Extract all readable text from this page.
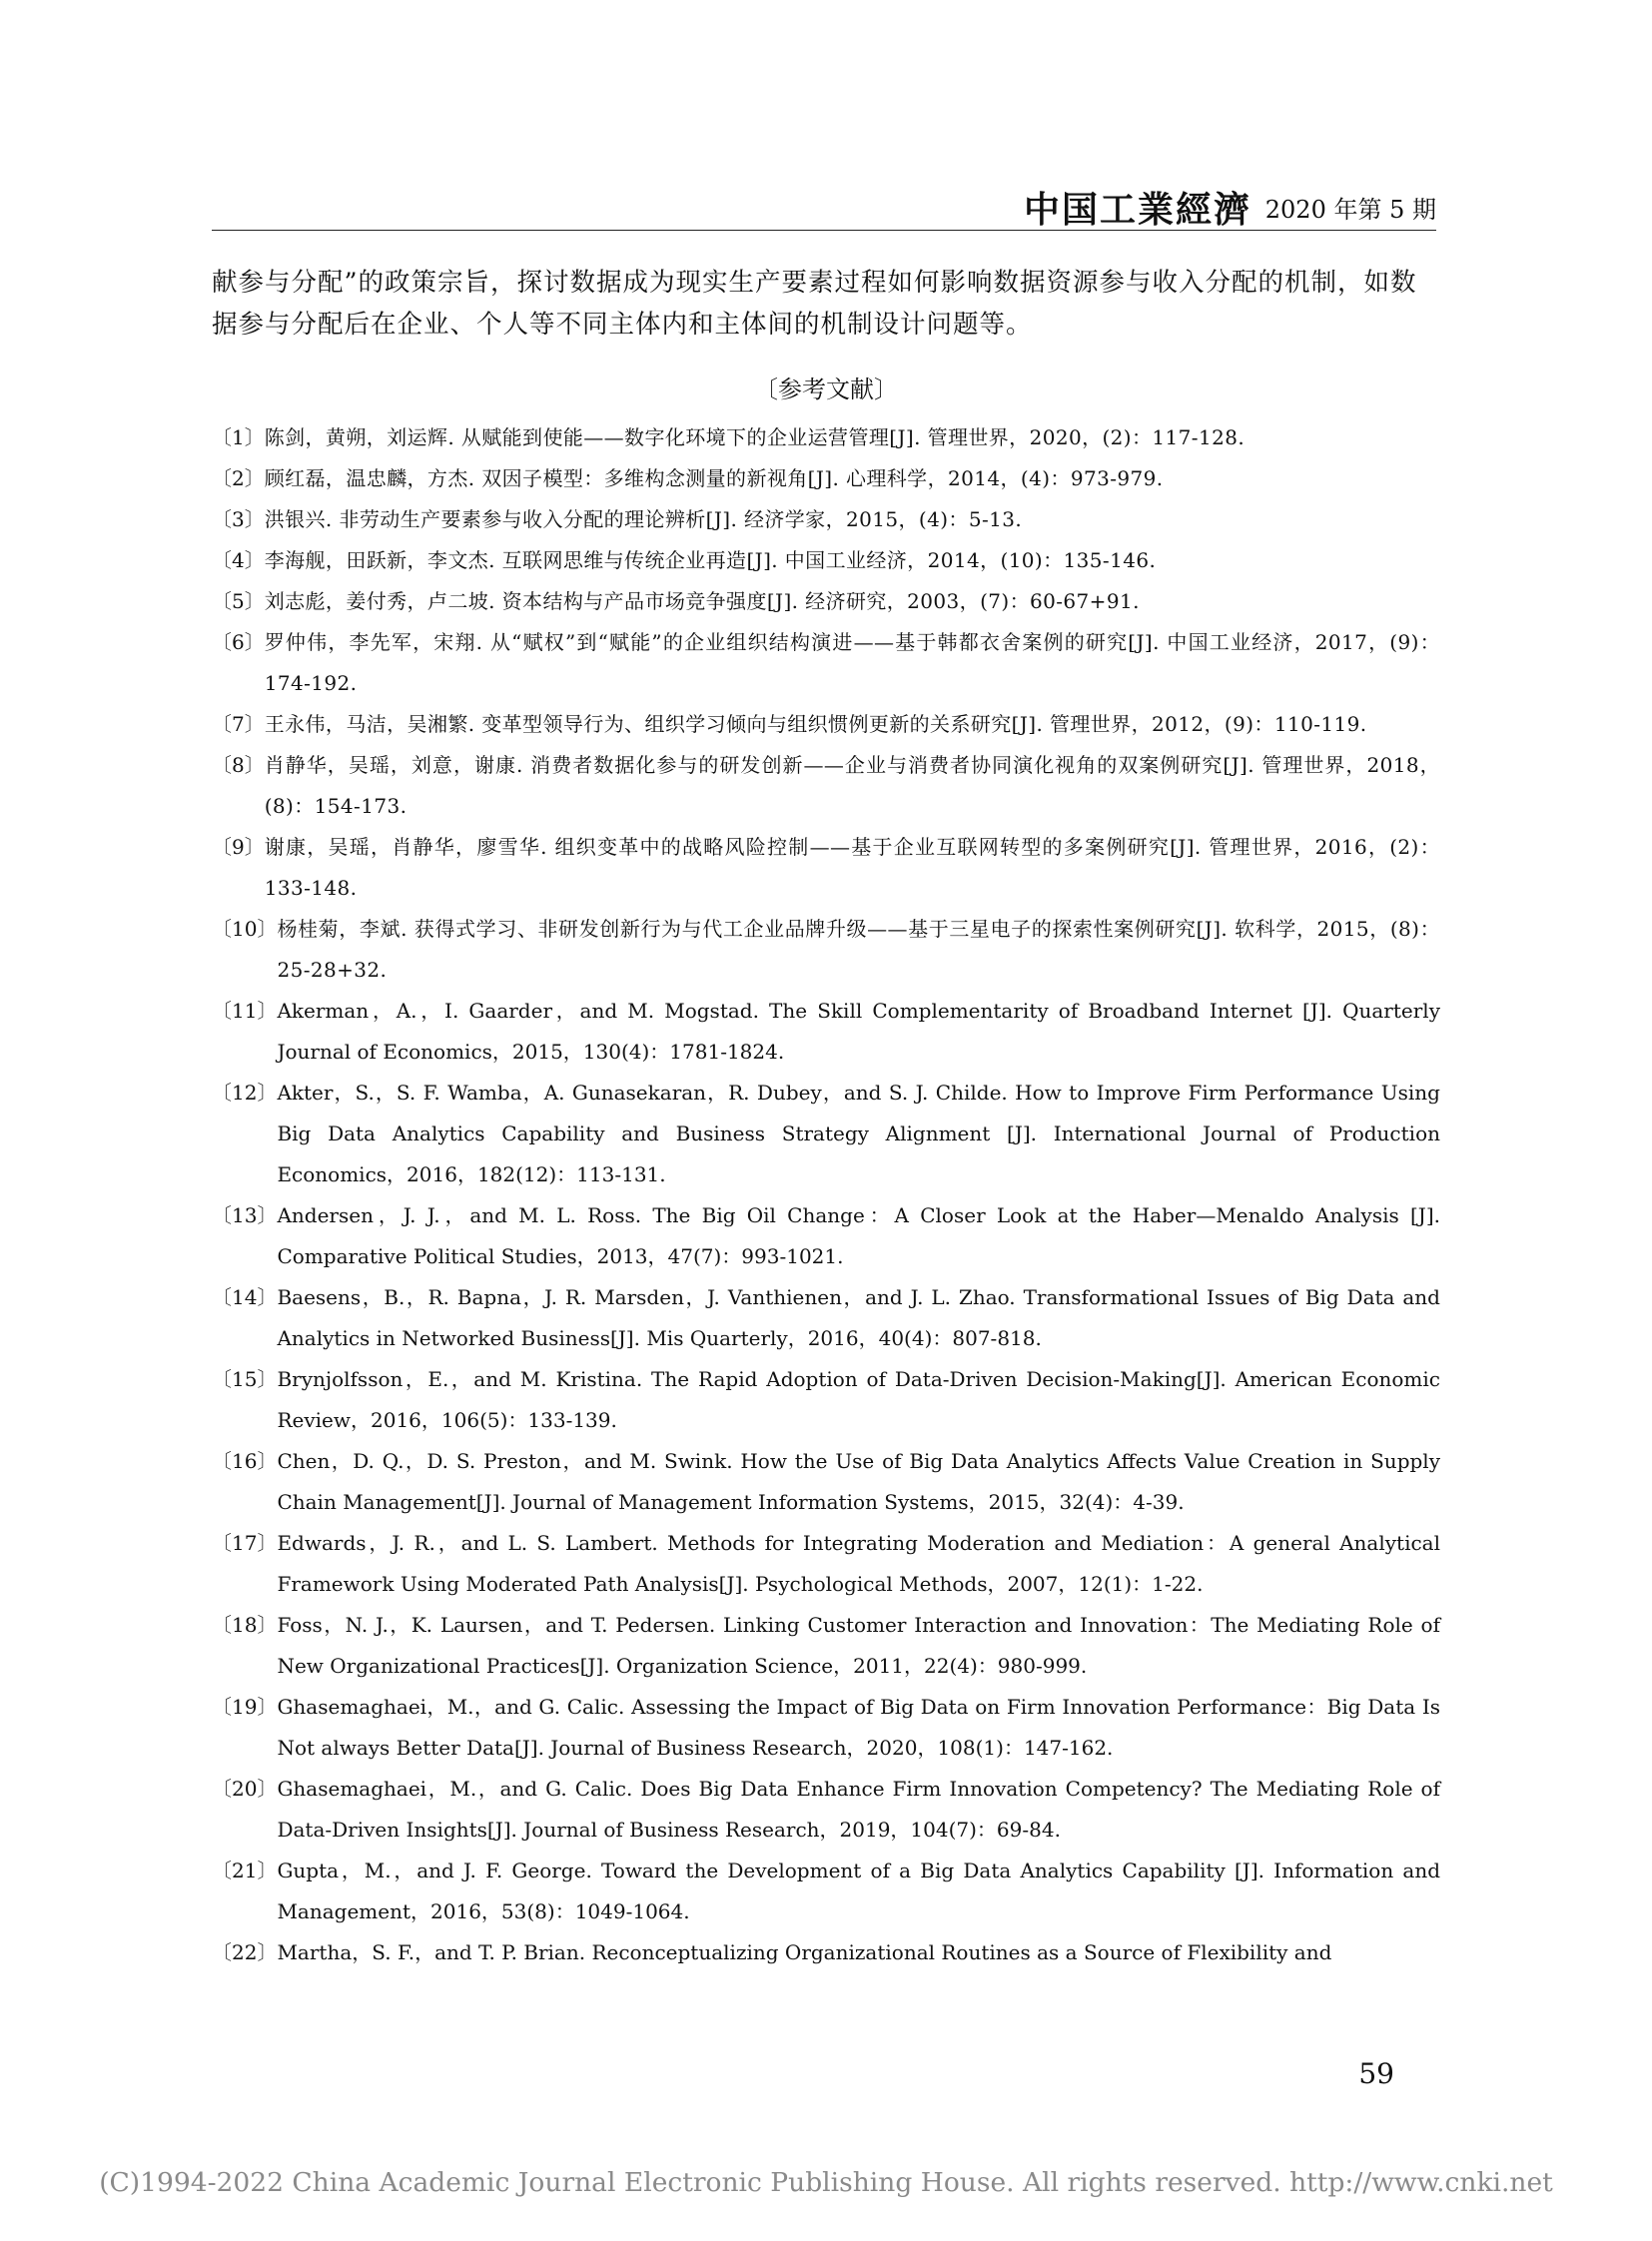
中国工業經濟 2020 年第 5 期

献参与分配”的政策宗旨，探讨数据成为现实生产要素过程如何影响数据资源参与收入分配的机制，如数据参与分配后在企业、个人等不同主体内和主体间的机制设计问题等。

〔参考文献〕
〔1〕 陈剑，黄朔，刘运辉. 从赋能到使能——数字化环境下的企业运营管理[J]. 管理世界，2020，(2)：117-128.
〔2〕 顾红磊，温忠麟，方杰. 双因子模型：多维构念测量的新视角[J]. 心理科学，2014，(4)：973-979.
〔3〕 洪银兴. 非劳动生产要素参与收入分配的理论辨析[J]. 经济学家，2015，(4)：5-13.
〔4〕 李海舰，田跃新，李文杰. 互联网思维与传统企业再造[J]. 中国工业经济，2014，(10)：135-146.
〔5〕 刘志彪，姜付秀，卢二坡. 资本结构与产品市场竞争强度[J]. 经济研究，2003，(7)：60-67+91.
〔6〕 罗仲伟，李先军，宋翔. 从“赋权”到“赋能”的企业组织结构演进——基于韩都衣舍案例的研究[J]. 中国工业经济，2017，(9)：174-192.
〔7〕 王永伟，马洁，吴湘繁. 变革型领导行为、组织学习倾向与组织惯例更新的关系研究[J]. 管理世界，2012，(9)：110-119.
〔8〕 肖静华，吴瑶，刘意，谢康. 消费者数据化参与的研发创新——企业与消费者协同演化视角的双案例研究[J]. 管理世界，2018，(8)：154-173.
〔9〕 谢康，吴瑶，肖静华，廖雪华. 组织变革中的战略风险控制——基于企业互联网转型的多案例研究[J]. 管理世界，2016，(2)：133-148.
〔10〕 杨桂菊，李斌. 获得式学习、非研发创新行为与代工企业品牌升级——基于三星电子的探索性案例研究[J]. 软科学，2015，(8)：25-28+32.
〔11〕 Akerman，A.，I. Gaarder，and M. Mogstad. The Skill Complementarity of Broadband Internet [J]. Quarterly Journal of Economics，2015，130(4)：1781-1824.
〔12〕 Akter，S.，S. F. Wamba，A. Gunasekaran，R. Dubey，and S. J. Childe. How to Improve Firm Performance Using Big Data Analytics Capability and Business Strategy Alignment [J]. International Journal of Production Economics，2016，182(12)：113-131.
〔13〕 Andersen，J. J.，and M. L. Ross. The Big Oil Change：A Closer Look at the Haber—Menaldo Analysis [J]. Comparative Political Studies，2013，47(7)：993-1021.
〔14〕 Baesens，B.，R. Bapna，J. R. Marsden，J. Vanthienen，and J. L. Zhao. Transformational Issues of Big Data and Analytics in Networked Business[J]. Mis Quarterly，2016，40(4)：807-818.
〔15〕 Brynjolfsson，E.，and M. Kristina. The Rapid Adoption of Data-Driven Decision-Making[J]. American Economic Review，2016，106(5)：133-139.
〔16〕 Chen，D. Q.，D. S. Preston，and M. Swink. How the Use of Big Data Analytics Affects Value Creation in Supply Chain Management[J]. Journal of Management Information Systems，2015，32(4)：4-39.
〔17〕 Edwards，J. R.，and L. S. Lambert. Methods for Integrating Moderation and Mediation：A general Analytical Framework Using Moderated Path Analysis[J]. Psychological Methods，2007，12(1)：1-22.
〔18〕 Foss，N. J.，K. Laursen，and T. Pedersen. Linking Customer Interaction and Innovation：The Mediating Role of New Organizational Practices[J]. Organization Science，2011，22(4)：980-999.
〔19〕 Ghasemaghaei，M.，and G. Calic. Assessing the Impact of Big Data on Firm Innovation Performance：Big Data Is Not always Better Data[J]. Journal of Business Research，2020，108(1)：147-162.
〔20〕 Ghasemaghaei，M.，and G. Calic. Does Big Data Enhance Firm Innovation Competency? The Mediating Role of Data-Driven Insights[J]. Journal of Business Research，2019，104(7)：69-84.
〔21〕 Gupta，M.，and J. F. George. Toward the Development of a Big Data Analytics Capability [J]. Information and Management，2016，53(8)：1049-1064.
〔22〕 Martha，S. F.，and T. P. Brian. Reconceptualizing Organizational Routines as a Source of Flexibility and
59
(C)1994-2022 China Academic Journal Electronic Publishing House. All rights reserved. http://www.cnki.net
